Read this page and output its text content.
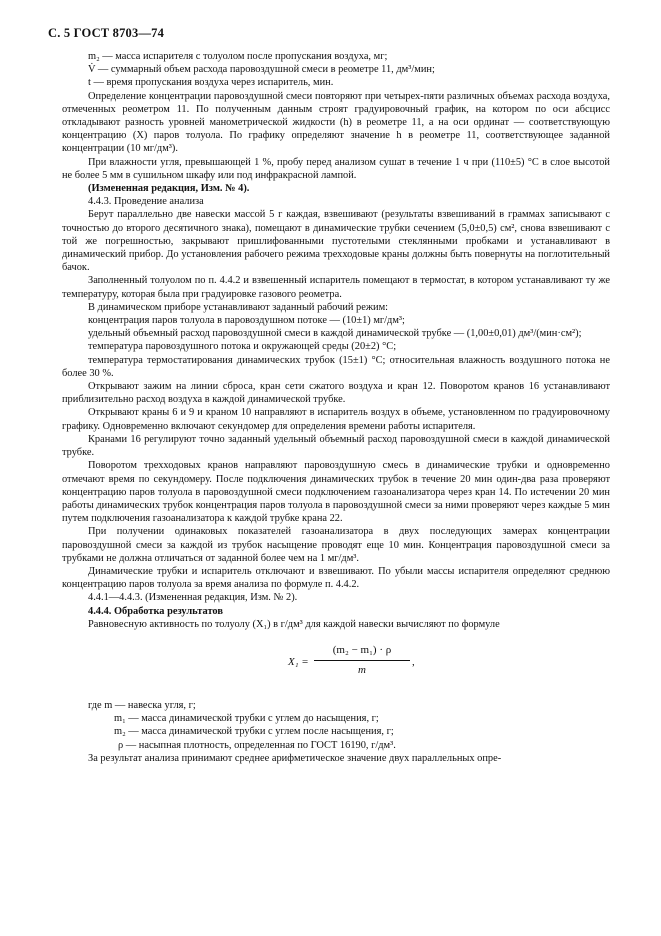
С. 5 ГОСТ 8703—74

m₂ — масса испарителя с толуолом после пропускания воздуха, мг;

V̇ — суммарный объем расхода паровоздушной смеси в реометре 11, дм³/мин;

t — время пропускания воздуха через испаритель, мин.

Определение концентрации паровоздушной смеси повторяют при четырех-пяти различных объемах расхода воздуха, отмеченных реометром 11. По полученным данным строят градуировочный график, на котором по оси абсцисс откладывают разность уровней манометрической жидкости (h) в реометре 11, а на оси ординат — соответствующую концентрацию (X) паров толуола. По графику определяют значение h в реометре 11, соответствующее заданной концентрации (10 мг/дм³).

При влажности угля, превышающей 1 %, пробу перед анализом сушат в течение 1 ч при (110±5) °С в слое высотой не более 5 мм в сушильном шкафу или под инфракрасной лампой.

(Измененная редакция, Изм. № 4).

4.4.3. Проведение анализа

Берут параллельно две навески массой 5 г каждая, взвешивают (результаты взвешиваний в граммах записывают с точностью до второго десятичного знака), помещают в динамические трубки сечением (5,0±0,5) см², снова взвешивают с той же погрешностью, закрывают пришлифованными пустотелыми стеклянными пробками и устанавливают в динамический прибор. До установления рабочего режима трехходовые краны должны быть повернуты на поглотительный бачок.

Заполненный толуолом по п. 4.4.2 и взвешенный испаритель помещают в термостат, в котором устанавливают ту же температуру, которая была при градуировке газового реометра.

В динамическом приборе устанавливают заданный рабочий режим:

концентрация паров толуола в паровоздушном потоке — (10±1) мг/дм³;

удельный объемный расход паровоздушной смеси в каждой динамической трубке — (1,00±0,01) дм³/(мин·см²);

температура паровоздушного потока и окружающей среды (20±2) °С;

температура термостатирования динамических трубок (15±1) °С; относительная влажность воздушного потока не более 30 %.

Открывают зажим на линии сброса, кран сети сжатого воздуха и кран 12. Поворотом кранов 16 устанавливают приблизительно расход воздуха в каждой динамической трубке.

Открывают краны 6 и 9 и краном 10 направляют в испаритель воздух в объеме, установленном по градуировочному графику. Одновременно включают секундомер для определения времени работы испарителя.

Кранами 16 регулируют точно заданный удельный объемный расход паровоздушной смеси в каждой динамической трубке.

Поворотом трехходовых кранов направляют паровоздушную смесь в динамические трубки и одновременно отмечают время по секундомеру. После подключения динамических трубок в течение 20 мин один-два раза проверяют концентрацию паров толуола в паровоздушной смеси подключением газоанализатора через кран 14. По истечении 20 мин работы динамических трубок концентрация паров толуола в паровоздушной смеси за ними проверяют через каждые 5 мин путем подключения газоанализатора к каждой трубке крана 22.

При получении одинаковых показателей газоанализатора в двух последующих замерах концентрации паровоздушной смеси за каждой из трубок насыщение проводят еще 10 мин. Концентрация паровоздушной смеси за трубками не должна отличаться от заданной более чем на 1 мг/дм³.

Динамические трубки и испаритель отключают и взвешивают. По убыли массы испарителя определяют среднюю концентрацию паров толуола за время анализа по формуле п. 4.4.2.

4.4.1—4.4.3. (Измененная редакция, Изм. № 2).

4.4.4. Обработка результатов

Равновесную активность по толуолу (X₁) в г/дм³ для каждой навески вычисляют по формуле

$X_1 = \frac{\text{(m₂ − m₁) · ρ}}{m}$ ,

где m — навеска угля, г;

m₁ — масса динамической трубки с углем до насыщения, г;

m₂ — масса динамической трубки с углем после насыщения, г;

ρ — насыпная плотность, определенная по ГОСТ 16190, г/дм³.

За результат анализа принимают среднее арифметическое значение двух параллельных опре-
